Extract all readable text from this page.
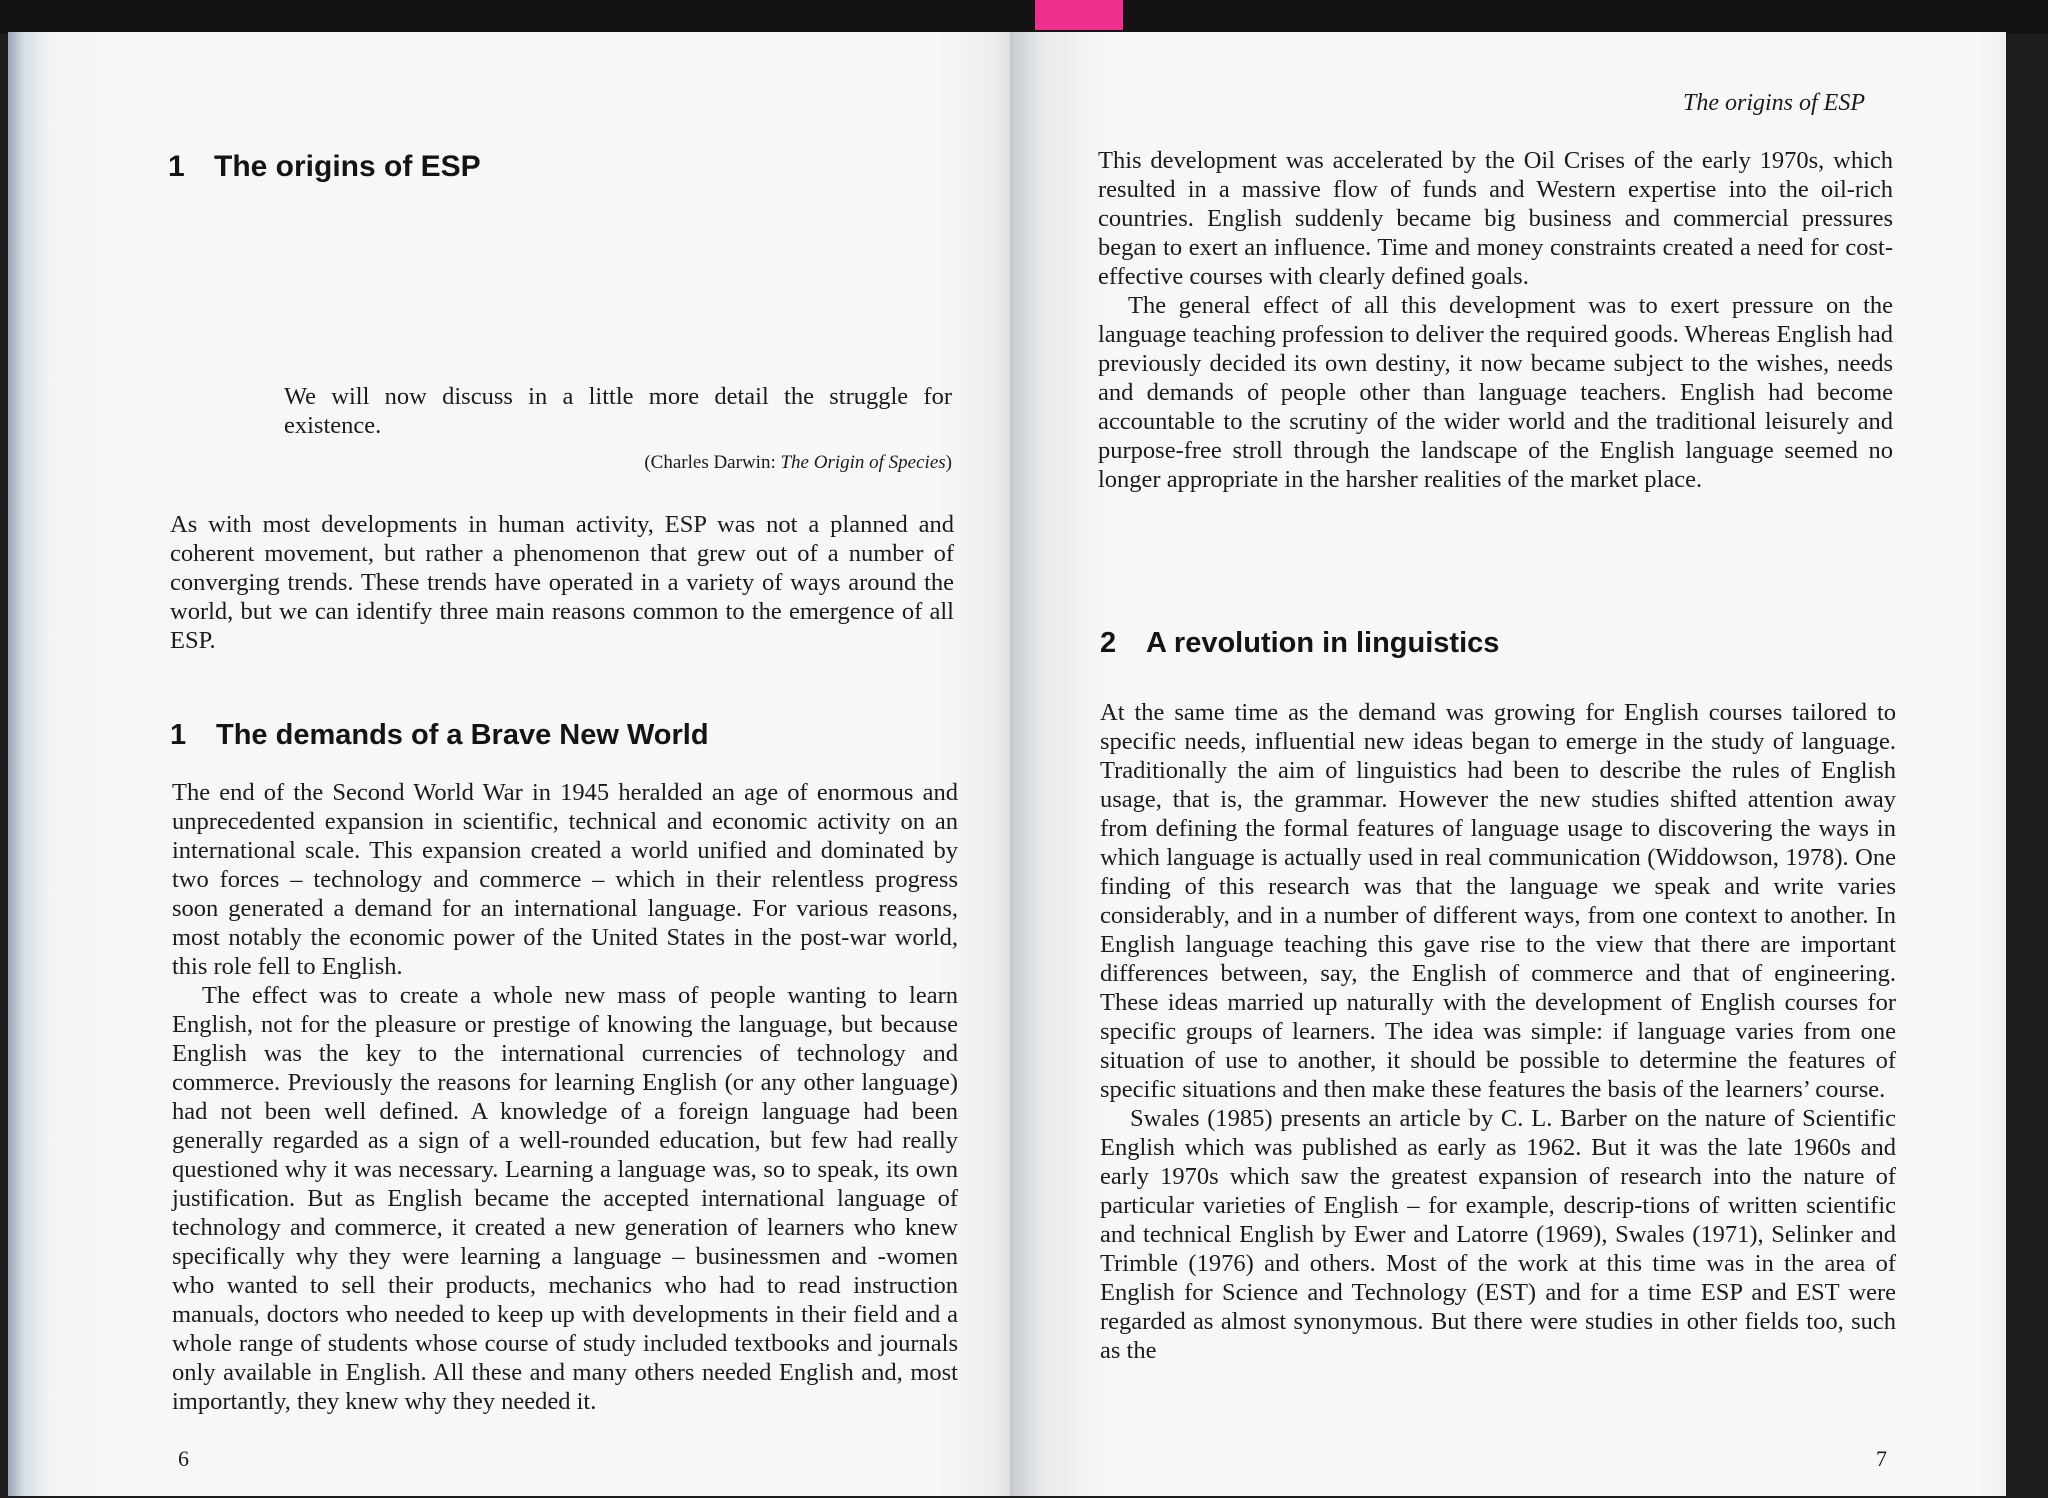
1 The origins of ESP

We will now discuss in a little more detail the struggle for existence.

(Charles Darwin: The Origin of Species)

As with most developments in human activity, ESP was not a planned and coherent movement, but rather a phenomenon that grew out of a number of converging trends. These trends have operated in a variety of ways around the world, but we can identify three main reasons common to the emergence of all ESP.

1 The demands of a Brave New World

The end of the Second World War in 1945 heralded an age of enormous and unprecedented expansion in scientific, technical and economic activity on an international scale. This expansion created a world unified and dominated by two forces – technology and commerce – which in their relentless progress soon generated a demand for an international language. For various reasons, most notably the economic power of the United States in the post-war world, this role fell to English.

The effect was to create a whole new mass of people wanting to learn English, not for the pleasure or prestige of knowing the language, but because English was the key to the international currencies of technology and commerce. Previously the reasons for learning English (or any other language) had not been well defined. A knowledge of a foreign language had been generally regarded as a sign of a well-rounded education, but few had really questioned why it was necessary. Learning a language was, so to speak, its own justification. But as English became the accepted international language of technology and commerce, it created a new generation of learners who knew specifically why they were learning a language – businessmen and -women who wanted to sell their products, mechanics who had to read instruction manuals, doctors who needed to keep up with developments in their field and a whole range of students whose course of study included textbooks and journals only available in English. All these and many others needed English and, most importantly, they knew why they needed it.

6
The origins of ESP

This development was accelerated by the Oil Crises of the early 1970s, which resulted in a massive flow of funds and Western expertise into the oil-rich countries. English suddenly became big business and commercial pressures began to exert an influence. Time and money constraints created a need for cost-effective courses with clearly defined goals.

The general effect of all this development was to exert pressure on the language teaching profession to deliver the required goods. Whereas English had previously decided its own destiny, it now became subject to the wishes, needs and demands of people other than language teachers. English had become accountable to the scrutiny of the wider world and the traditional leisurely and purpose-free stroll through the landscape of the English language seemed no longer appropriate in the harsher realities of the market place.

2 A revolution in linguistics

At the same time as the demand was growing for English courses tailored to specific needs, influential new ideas began to emerge in the study of language. Traditionally the aim of linguistics had been to describe the rules of English usage, that is, the grammar. However the new studies shifted attention away from defining the formal features of language usage to discovering the ways in which language is actually used in real communication (Widdowson, 1978). One finding of this research was that the language we speak and write varies considerably, and in a number of different ways, from one context to another. In English language teaching this gave rise to the view that there are important differences between, say, the English of commerce and that of engineering. These ideas married up naturally with the development of English courses for specific groups of learners. The idea was simple: if language varies from one situation of use to another, it should be possible to determine the features of specific situations and then make these features the basis of the learners’ course.

Swales (1985) presents an article by C. L. Barber on the nature of Scientific English which was published as early as 1962. But it was the late 1960s and early 1970s which saw the greatest expansion of research into the nature of particular varieties of English – for example, descrip-tions of written scientific and technical English by Ewer and Latorre (1969), Swales (1971), Selinker and Trimble (1976) and others. Most of the work at this time was in the area of English for Science and Technology (EST) and for a time ESP and EST were regarded as almost synonymous. But there were studies in other fields too, such as the

7
